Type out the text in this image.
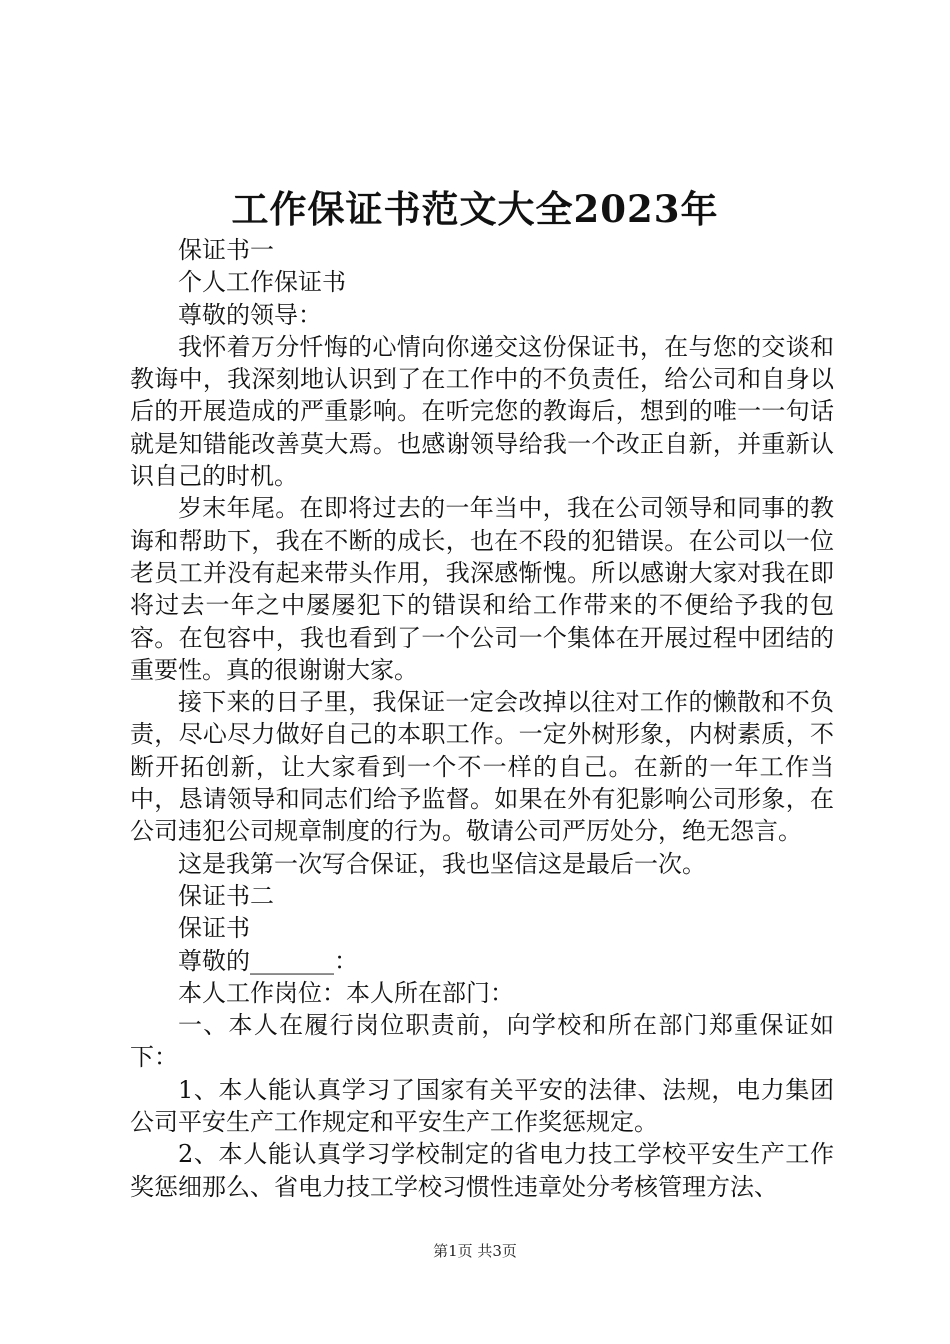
工作保证书范文大全2023年

保证书一

个人工作保证书

尊敬的领导：

我怀着万分忏悔的心情向你递交这份保证书，在与您的交谈和教诲中，我深刻地认识到了在工作中的不负责任，给公司和自身以后的开展造成的严重影响。在听完您的教诲后，想到的唯一一句话就是知错能改善莫大焉。也感谢领导给我一个改正自新，并重新认识自己的时机。

岁末年尾。在即将过去的一年当中，我在公司领导和同事的教诲和帮助下，我在不断的成长，也在不段的犯错误。在公司以一位老员工并没有起来带头作用，我深感惭愧。所以感谢大家对我在即将过去一年之中屡屡犯下的错误和给工作带来的不便给予我的包容。在包容中，我也看到了一个公司一个集体在开展过程中团结的重要性。真的很谢谢大家。

接下来的日子里，我保证一定会改掉以往对工作的懒散和不负责，尽心尽力做好自己的本职工作。一定外树形象，内树素质，不断开拓创新，让大家看到一个不一样的自己。在新的一年工作当中，恳请领导和同志们给予监督。如果在外有犯影响公司形象，在公司违犯公司规章制度的行为。敬请公司严厉处分，绝无怨言。

这是我第一次写合保证，我也坚信这是最后一次。

保证书二

保证书

尊敬的_______：

本人工作岗位：本人所在部门：

一、本人在履行岗位职责前，向学校和所在部门郑重保证如下：

1、本人能认真学习了国家有关平安的法律、法规，电力集团公司平安生产工作规定和平安生产工作奖惩规定。

2、本人能认真学习学校制定的省电力技工学校平安生产工作奖惩细那么、省电力技工学校习惯性违章处分考核管理方法、

第1页 共3页
